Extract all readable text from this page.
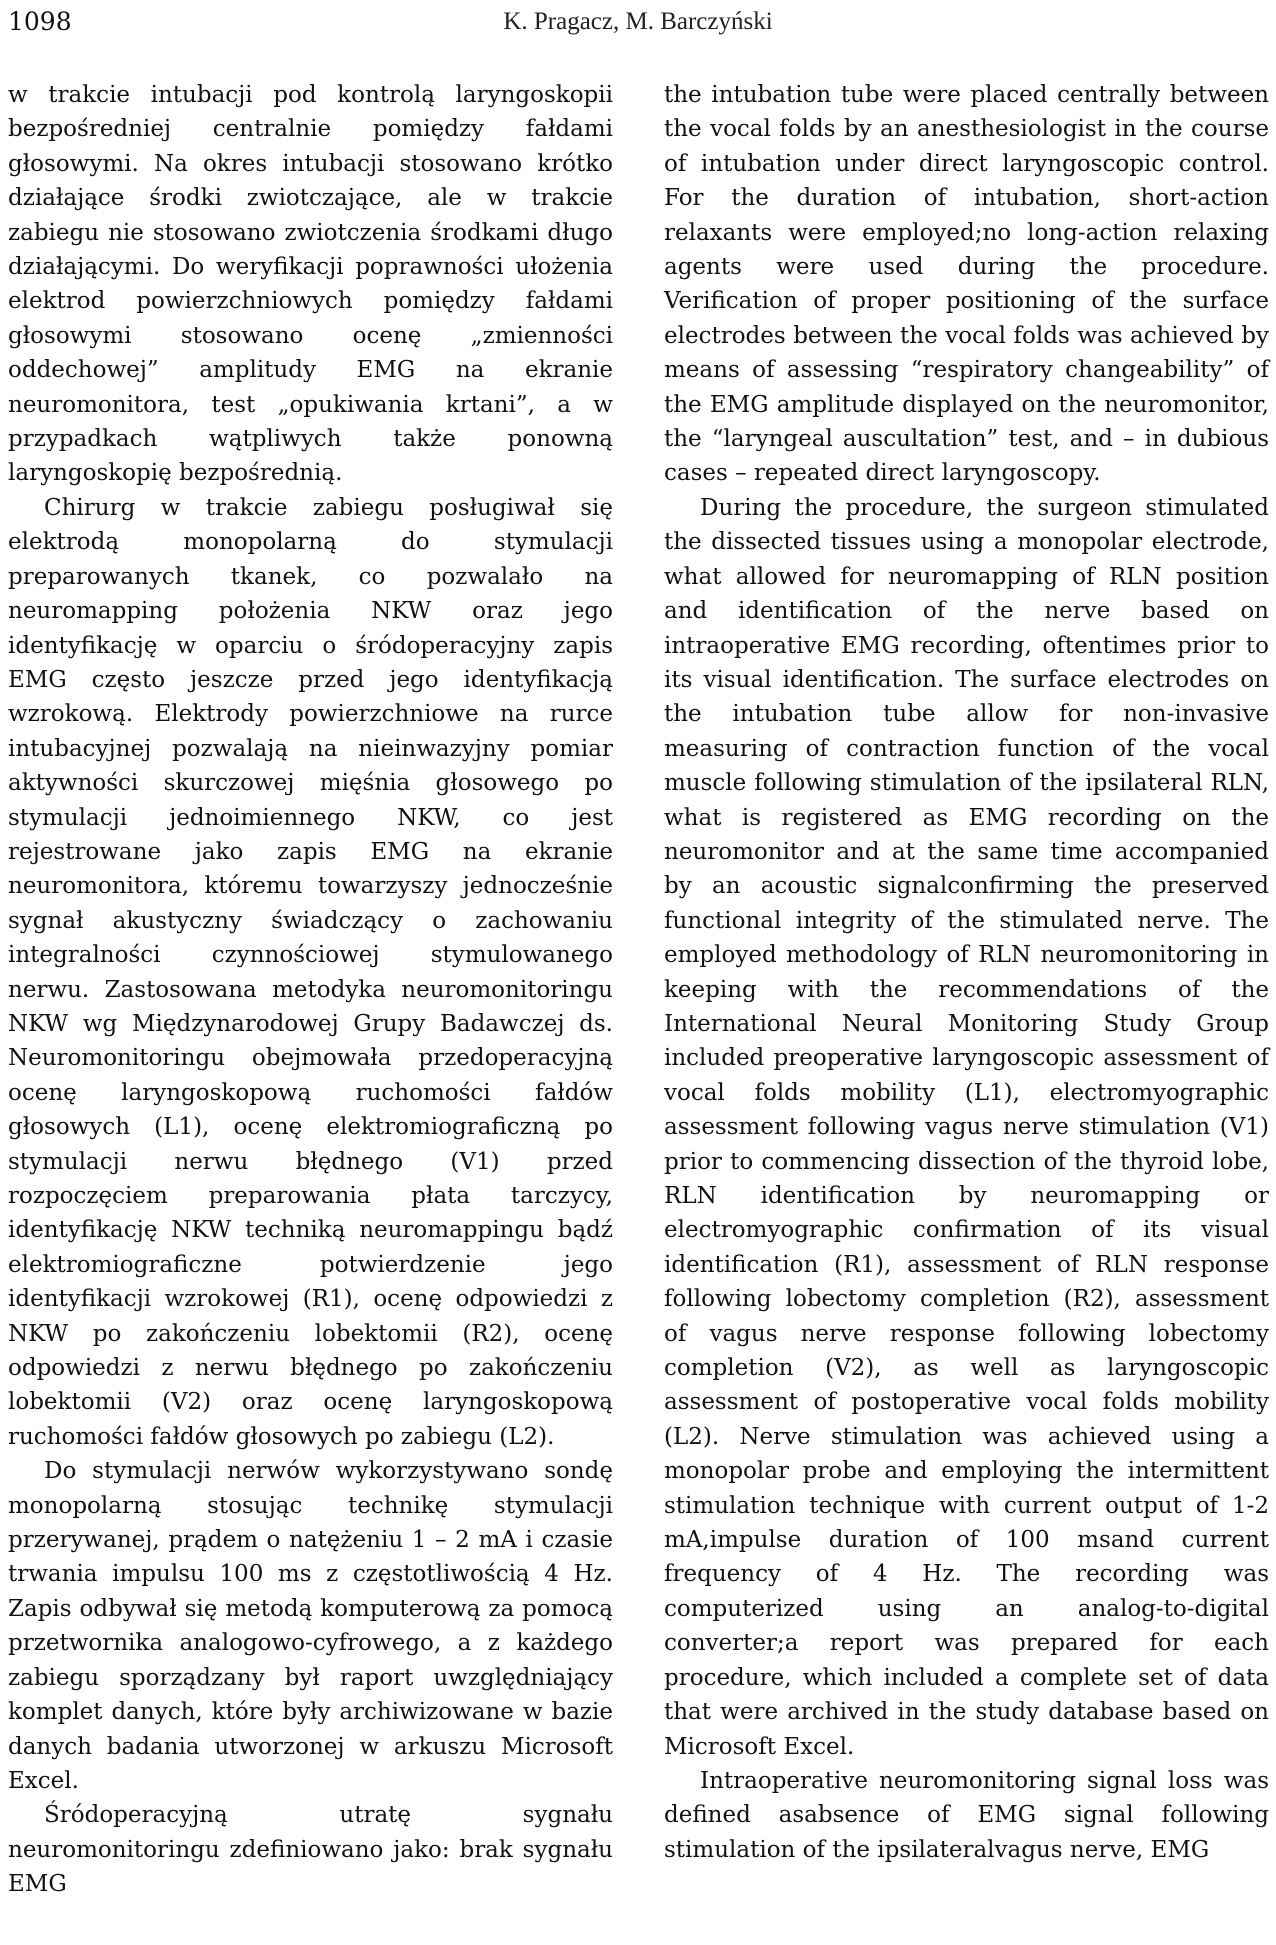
1098	K. Pragacz, M. Barczyński

w trakcie intubacji pod kontrolą laryngoskopii bezpośredniej centralnie pomiędzy fałdami głosowymi. Na okres intubacji stosowano krótko działające środki zwiotczające, ale w trakcie zabiegu nie stosowano zwiotczenia środkami długo działającymi. Do weryfikacji poprawności ułożenia elektrod powierzchniowych pomiędzy fałdami głosowymi stosowano ocenę „zmienności oddechowej” amplitudy EMG na ekranie neuromonitora, test „opukiwania krtani”, a w przypadkach wątpliwych także ponowną laryngoskopię bezpośrednią.

Chirurg w trakcie zabiegu posługiwał się elektrodą monopolarną do stymulacji preparowanych tkanek, co pozwalało na neuromapping położenia NKW oraz jego identyfikację w oparciu o śródoperacyjny zapis EMG często jeszcze przed jego identyfikacją wzrokową. Elektrody powierzchniowe na rurce intubacyjnej pozwalają na nieinwazyjny pomiar aktywności skurczowej mięśnia głosowego po stymulacji jednoimiennego NKW, co jest rejestrowane jako zapis EMG na ekranie neuromonitora, któremu towarzyszy jednocześnie sygnał akustyczny świadczący o zachowaniu integralności czynnościowej stymulowanego nerwu. Zastosowana metodyka neuromonitoringu NKW wg Międzynarodowej Grupy Badawczej ds. Neuromonitoringu obejmowała przedoperacyjną ocenę laryngoskopową ruchomości fałdów głosowych (L1), ocenę elektromiograficzną po stymulacji nerwu błędnego (V1) przed rozpoczęciem preparowania płata tarczycy, identyfikację NKW techniką neuromappingu bądź elektromiograficzne potwierdzenie jego identyfikacji wzrokowej (R1), ocenę odpowiedzi z NKW po zakończeniu lobektomii (R2), ocenę odpowiedzi z nerwu błędnego po zakończeniu lobektomii (V2) oraz ocenę laryngoskopową ruchomości fałdów głosowych po zabiegu (L2).

Do stymulacji nerwów wykorzystywano sondę monopolarną stosując technikę stymulacji przerywanej, prądem o natężeniu 1 – 2 mA i czasie trwania impulsu 100 ms z częstotliwością 4 Hz. Zapis odbywał się metodą komputerową za pomocą przetwornika analogowo-cyfrowego, a z każdego zabiegu sporządzany był raport uwzględniający komplet danych, które były archiwizowane w bazie danych badania utworzonej w arkuszu Microsoft Excel.

Śródoperacyjną utratę sygnału neuromonitoringu zdefiniowano jako: brak sygnału EMG

the intubation tube were placed centrally between the vocal folds by an anesthesiologist in the course of intubation under direct laryngoscopic control. For the duration of intubation, short-action relaxants were employed;no long-action relaxing agents were used during the procedure. Verification of proper positioning of the surface electrodes between the vocal folds was achieved by means of assessing “respiratory changeability” of the EMG amplitude displayed on the neuromonitor, the “laryngeal auscultation” test, and – in dubious cases – repeated direct laryngoscopy.

During the procedure, the surgeon stimulated the dissected tissues using a monopolar electrode, what allowed for neuromapping of RLN position and identification of the nerve based on intraoperative EMG recording, oftentimes prior to its visual identification. The surface electrodes on the intubation tube allow for non-invasive measuring of contraction function of the vocal muscle following stimulation of the ipsilateral RLN, what is registered as EMG recording on the neuromonitor and at the same time accompanied by an acoustic signalconfirming the preserved functional integrity of the stimulated nerve. The employed methodology of RLN neuromonitoring in keeping with the recommendations of the International Neural Monitoring Study Group included preoperative laryngoscopic assessment of vocal folds mobility (L1), electromyographic assessment following vagus nerve stimulation (V1) prior to commencing dissection of the thyroid lobe, RLN identification by neuromapping or electromyographic confirmation of its visual identification (R1), assessment of RLN response following lobectomy completion (R2), assessment of vagus nerve response following lobectomy completion (V2), as well as laryngoscopic assessment of postoperative vocal folds mobility (L2). Nerve stimulation was achieved using a monopolar probe and employing the intermittent stimulation technique with current output of 1-2 mA,impulse duration of 100 msand current frequency of 4 Hz. The recording was computerized using an analog-to-digital converter;a report was prepared for each procedure, which included a complete set of data that were archived in the study database based on Microsoft Excel.

Intraoperative neuromonitoring signal loss was defined asabsence of EMG signal following stimulation of the ipsilateralvagus nerve, EMG
